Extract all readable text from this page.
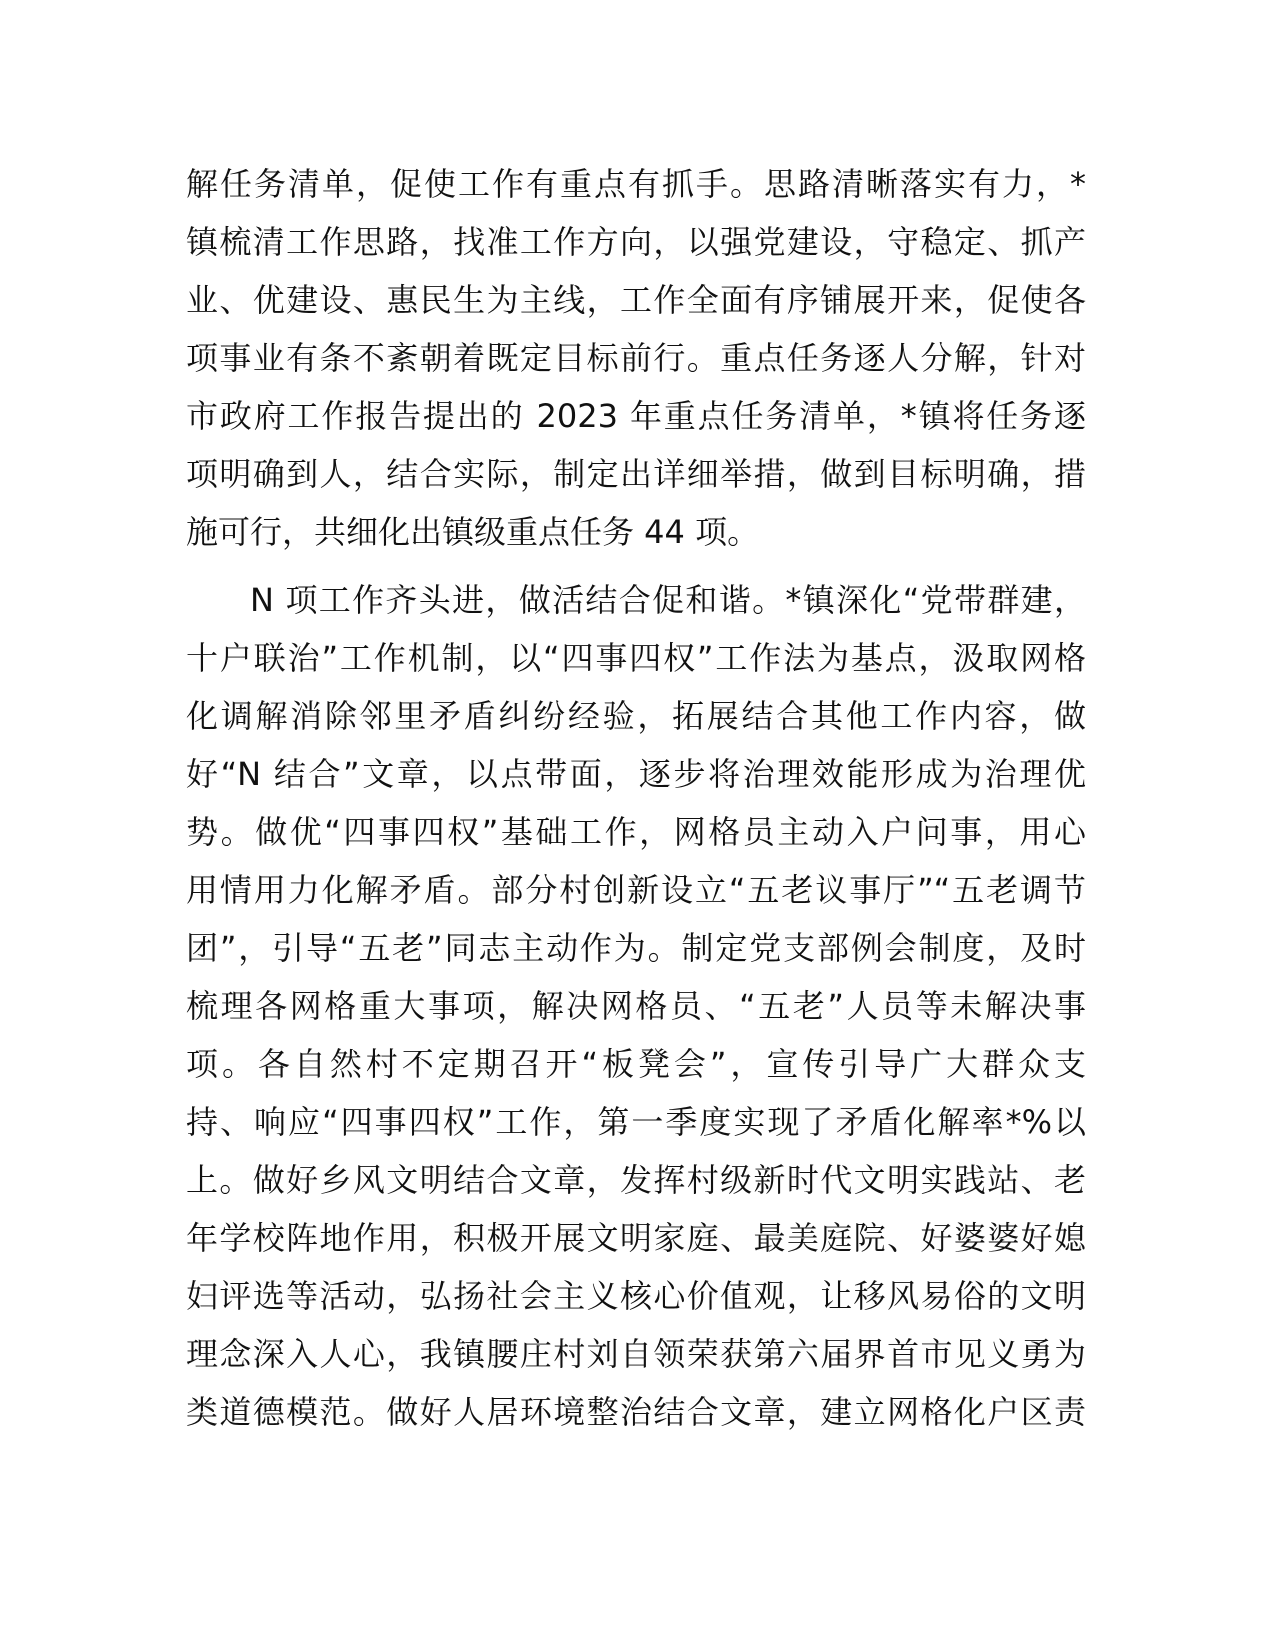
解任务清单，促使工作有重点有抓手。思路清晰落实有力，*
镇梳清工作思路，找准工作方向，以强党建设，守稳定、抓产
业、优建设、惠民生为主线，工作全面有序铺展开来，促使各
项事业有条不紊朝着既定目标前行。重点任务逐人分解，针对
市政府工作报告提出的 2023 年重点任务清单，*镇将任务逐
项明确到人，结合实际，制定出详细举措，做到目标明确，措
施可行，共细化出镇级重点任务 44 项。
N 项工作齐头进，做活结合促和谐。*镇深化“党带群建，
十户联治”工作机制，以“四事四权”工作法为基点，汲取网格
化调解消除邻里矛盾纠纷经验，拓展结合其他工作内容，做
好“N 结合”文章，以点带面，逐步将治理效能形成为治理优
势。做优“四事四权”基础工作，网格员主动入户问事，用心
用情用力化解矛盾。部分村创新设立“五老议事厅”“五老调节
团”，引导“五老”同志主动作为。制定党支部例会制度，及时
梳理各网格重大事项，解决网格员、“五老”人员等未解决事
项。各自然村不定期召开“板凳会”，宣传引导广大群众支
持、响应“四事四权”工作，第一季度实现了矛盾化解率*%以
上。做好乡风文明结合文章，发挥村级新时代文明实践站、老
年学校阵地作用，积极开展文明家庭、最美庭院、好婆婆好媳
妇评选等活动，弘扬社会主义核心价值观，让移风易俗的文明
理念深入人心，我镇腰庄村刘自领荣获第六届界首市见义勇为
类道德模范。做好人居环境整治结合文章，建立网格化户区责
